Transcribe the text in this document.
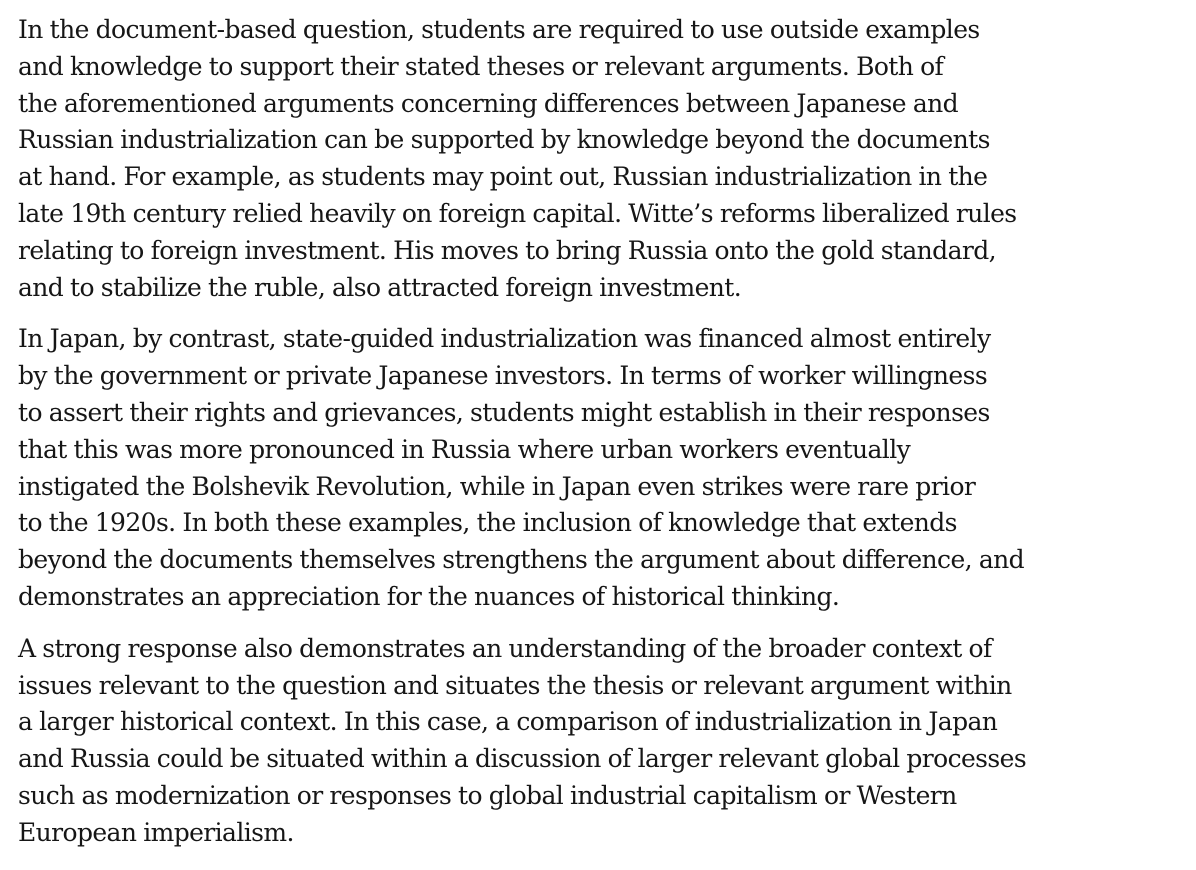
In the document-based question, students are required to use outside examples
and knowledge to support their stated theses or relevant arguments. Both of
the aforementioned arguments concerning differences between Japanese and
Russian industrialization can be supported by knowledge beyond the documents
at hand. For example, as students may point out, Russian industrialization in the
late 19th century relied heavily on foreign capital. Witte’s reforms liberalized rules
relating to foreign investment. His moves to bring Russia onto the gold standard,
and to stabilize the ruble, also attracted foreign investment.
In Japan, by contrast, state-guided industrialization was financed almost entirely
by the government or private Japanese investors. In terms of worker willingness
to assert their rights and grievances, students might establish in their responses
that this was more pronounced in Russia where urban workers eventually
instigated the Bolshevik Revolution, while in Japan even strikes were rare prior
to the 1920s. In both these examples, the inclusion of knowledge that extends
beyond the documents themselves strengthens the argument about difference, and
demonstrates an appreciation for the nuances of historical thinking.
A strong response also demonstrates an understanding of the broader context of
issues relevant to the question and situates the thesis or relevant argument within
a larger historical context. In this case, a comparison of industrialization in Japan
and Russia could be situated within a discussion of larger relevant global processes
such as modernization or responses to global industrial capitalism or Western
European imperialism.
